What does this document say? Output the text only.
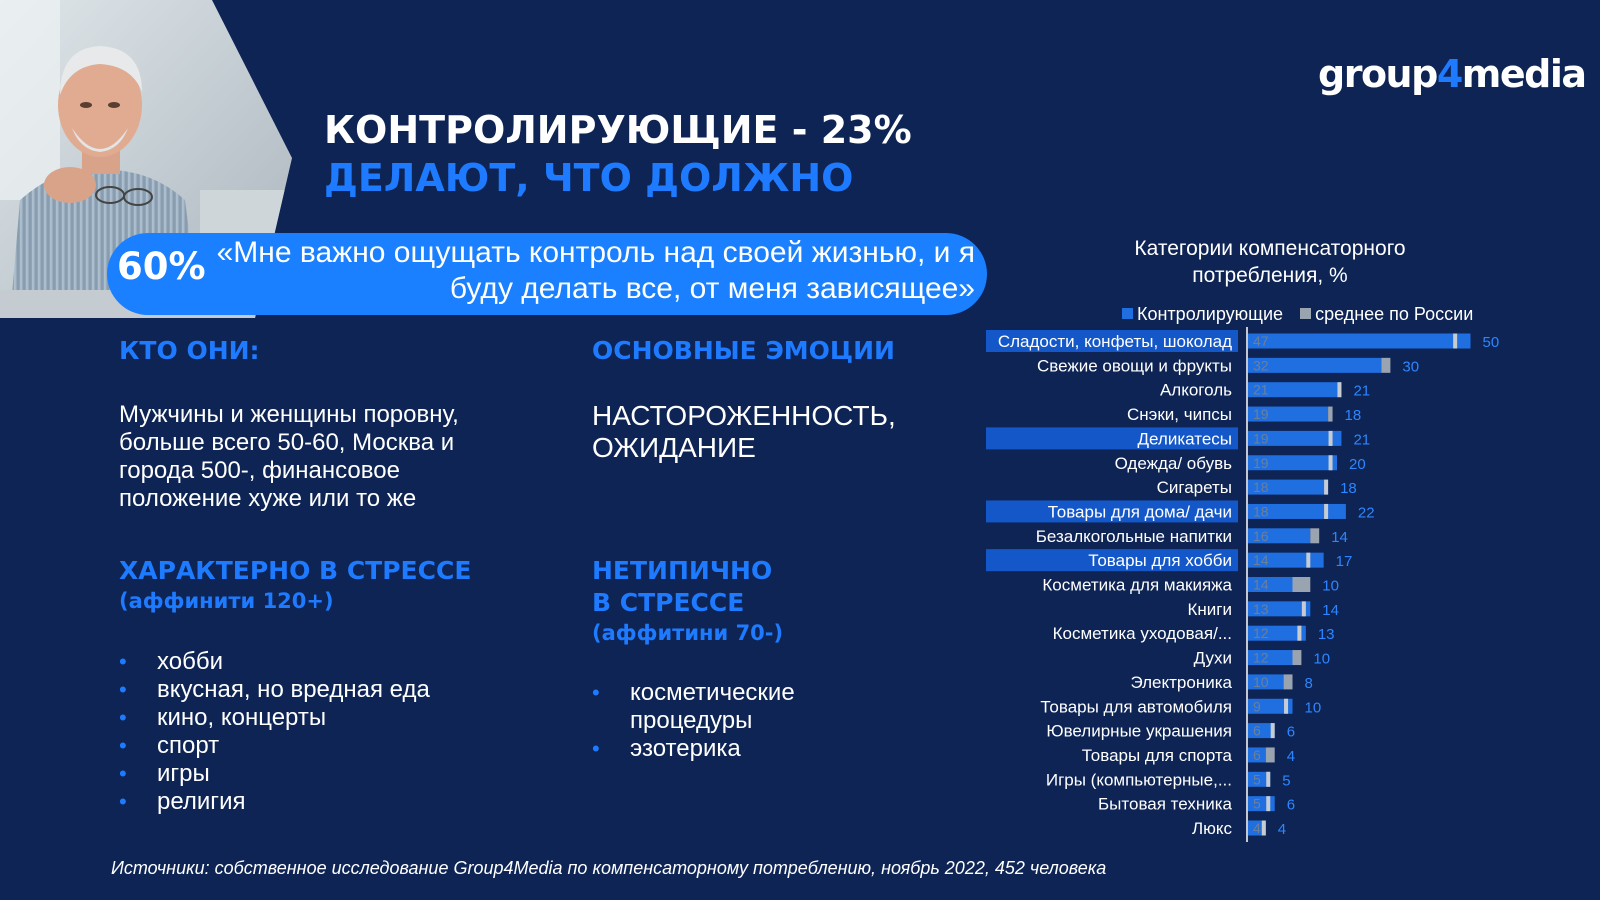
group4media
КОНТРОЛИРУЮЩИЕ - 23%
ДЕЛАЮТ, ЧТО ДОЛЖНО
60% «Мне важно ощущать контроль над своей жизнью, и я буду делать все, от меня зависящее»
КТО ОНИ:
Мужчины и женщины поровну, больше всего 50-60, Москва и города 500-, финансовое положение хуже или то же
ОСНОВНЫЕ ЭМОЦИИ
НАСТОРОЖЕННОСТЬ, ОЖИДАНИЕ
ХАРАКТЕРНО В СТРЕССЕ
(аффинити 120+)
• хобби
• вкусная, но вредная еда
• кино, концерты
• спорт
• игры
• религия
НЕТИПИЧНО
В СТРЕССЕ
(аффитини 70-)
• косметические процедуры
• эзотерика
Категории компенсаторного потребления, %
Контролирующие среднее по России
Сладости, конфеты, шоколад 47	50
Свежие овощи и фрукты 32	30
Алкоголь 21	21
Снэки, чипсы 19	18
Деликатесы 19	21
Одежда/ обувь 19	20
Сигареты 18	18
Товары для дома/ дачи 18	22
Безалкогольные напитки 16	14
Товары для хобби 14	17
Косметика для макияжа 14	10
Книги 13	14
Косметика уходовая/... 12	13
Духи 12	10
Электроника 10 8
Товары для автомобиля 9	10
Ювелирные украшения 6 6
Товары для спорта 6 4
Игры (компьютерные,... 5 5
Бытовая техника 5 6
Люкс 4 4
Источники: собственное исследование Group4Media по компенсаторному потреблению, ноябрь 2022, 452 человека
